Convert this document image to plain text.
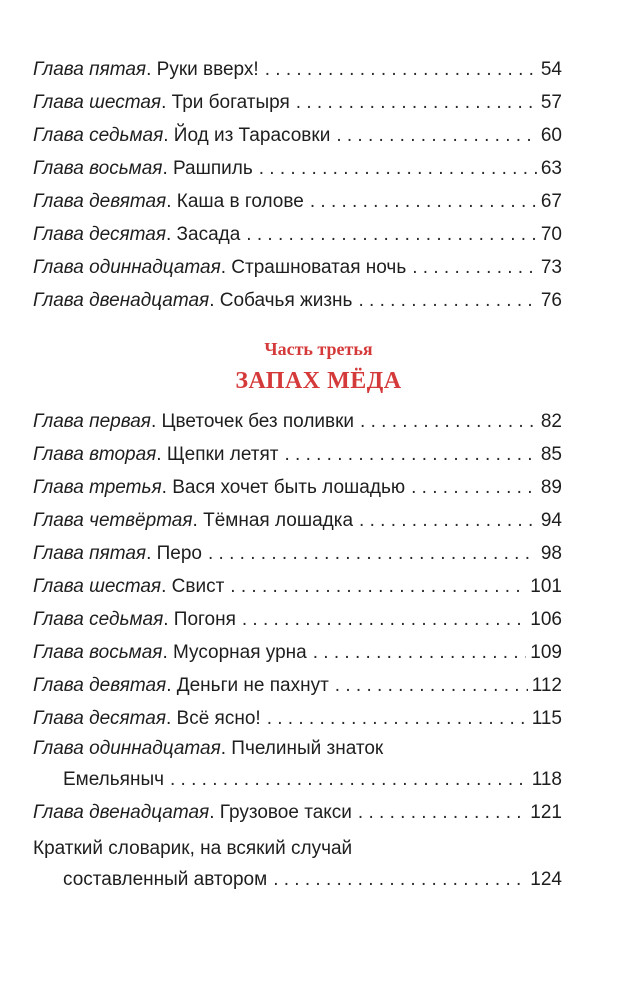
Глава пятая . Руки вверх! . . .	54
Глава шестая . Три богатыря . . .	57
Глава седьмая . Йод из Тарасовки . . .	60
Глава восьмая . Рашпиль . . .	63
Глава девятая . Каша в голове . . .	67
Глава десятая . Засада . . .	70
Глава одиннадцатая . Страшноватая ночь . . .	73
Глава двенадцатая . Собачья жизнь . . .	76
Часть третья
ЗАПАХ МЁДА
Глава первая . Цветочек без поливки . . .	82
Глава вторая . Щепки летят . . .	85
Глава третья . Вася хочет быть лошадью . . .	89
Глава четвёртая . Тёмная лошадка . . .	94
Глава пятая . Перо . . .	98
Глава шестая . Свист . . .	101
Глава седьмая . Погоня . . .	106
Глава восьмая . Мусорная урна . . .	109
Глава девятая . Деньги не пахнут . . .	112
Глава десятая . Всё ясно! . . .	115
Глава одиннадцатая . Пчелиный знаток
Емельяныч . . .	118
Глава двенадцатая . Грузовое такси . . .	121
Краткий словарик, на всякий случай
составленный автором . . .	124
